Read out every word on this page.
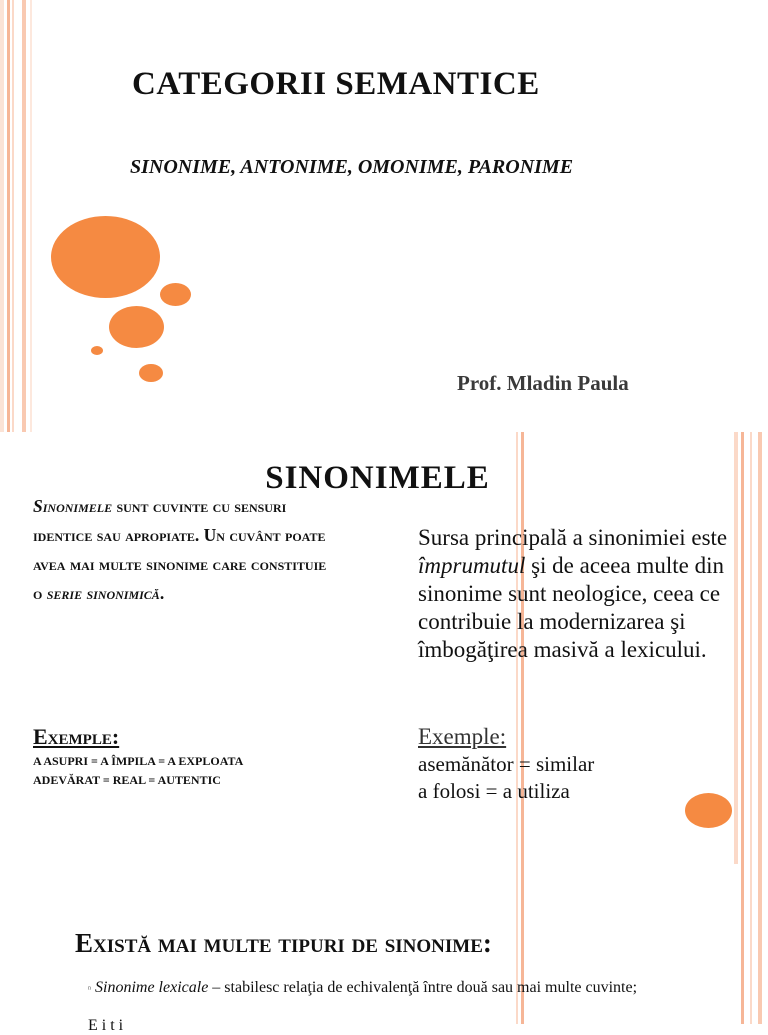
CATEGORII SEMANTICE

SINONIME, ANTONIME, OMONIME, PARONIME

Prof. Mladin Paula

SINONIMELE

Sinonimele sunt cuvinte cu sensuri identice sau apropiate. Un cuvânt poate avea mai multe sinonime care constituie o serie sinonimică.

Exemple:

A ASUPRI = A ÎMPILA = A EXPLOATA

ADEVĂRAT = REAL = AUTENTIC

Sursa principală a sinonimiei este împrumutul şi de aceea multe din sinonime sunt neologice, ceea ce contribuie la modernizarea şi îmbogăţirea masivă a lexicului.

Exemple:

asemănător = similar

a folosi = a utiliza

Există mai multe tipuri de sinonime:

n Sinonime lexicale – stabilesc relaţia de echivalenţă între două sau mai multe cuvinte;

E i t i
